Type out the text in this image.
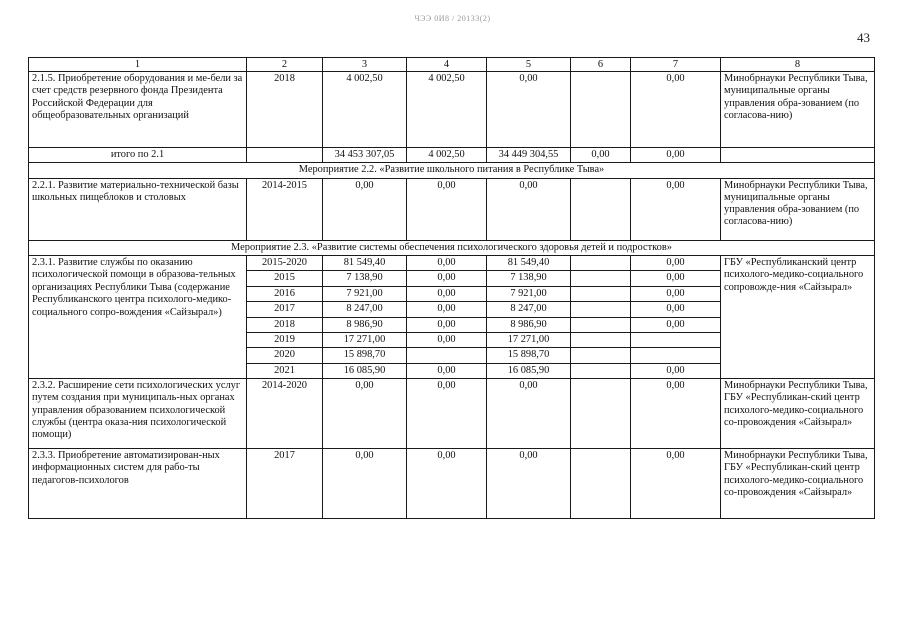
ЧЭЭ 0И8 / 20133(2)
43
1	2	3	4	5	6	7	8
2.1.5. Приобретение оборудования и ме-бели за счет средств резервного фонда Президента Российской Федерации для общеобразовательных организаций	2018	4 002,50	4 002,50	0,00		0,00	Минобрнауки Республики Тыва, муниципальные органы управления обра-зованием (по согласова-нию)
итого по 2.1		34 453 307,05	4 002,50	34 449 304,55	0,00	0,00	
Мероприятие 2.2. «Развитие школьного питания в Республике Тыва»							
2.2.1. Развитие материально-технической базы школьных пищеблоков и столовых	2014-2015	0,00	0,00	0,00		0,00	Минобрнауки Республики Тыва, муниципальные органы управления обра-зованием (по согласова-нию)
Мероприятие 2.3. «Развитие системы обеспечения психологического здоровья детей и подростков»							
2.3.1. Развитие службы по оказанию психологической помощи в образова-тельных организациях Республики Тыва (содержание Республиканского центра психолого-медико-социального сопро-вождения «Сайзырал»)	2015-2020	81 549,40	0,00	81 549,40		0,00	ГБУ «Республиканский центр психолого-медико-социального сопровожде-ния «Сайзырал»
	2015	7 138,90	0,00	7 138,90		0,00	
	2016	7 921,00	0,00	7 921,00		0,00	
	2017	8 247,00	0,00	8 247,00		0,00	
	2018	8 986,90	0,00	8 986,90		0,00	
	2019	17 271,00	0,00	17 271,00			
	2020	15 898,70		15 898,70			
	2021	16 085,90	0,00	16 085,90		0,00	
2.3.2. Расширение сети психологических услуг путем создания при муниципаль-ных органах управления образованием психологической службы (центра оказа-ния психологической помощи)	2014-2020	0,00	0,00	0,00		0,00	Минобрнауки Республики Тыва, ГБУ «Республикан-ский центр психолого-медико-социального со-провождения «Сайзырал»
2.3.3. Приобретение автоматизирован-ных информационных систем для рабо-ты педагогов-психологов	2017	0,00	0,00	0,00		0,00	Минобрнауки Республики Тыва, ГБУ «Республикан-ский центр психолого-медико-социального со-провождения «Сайзырал»
